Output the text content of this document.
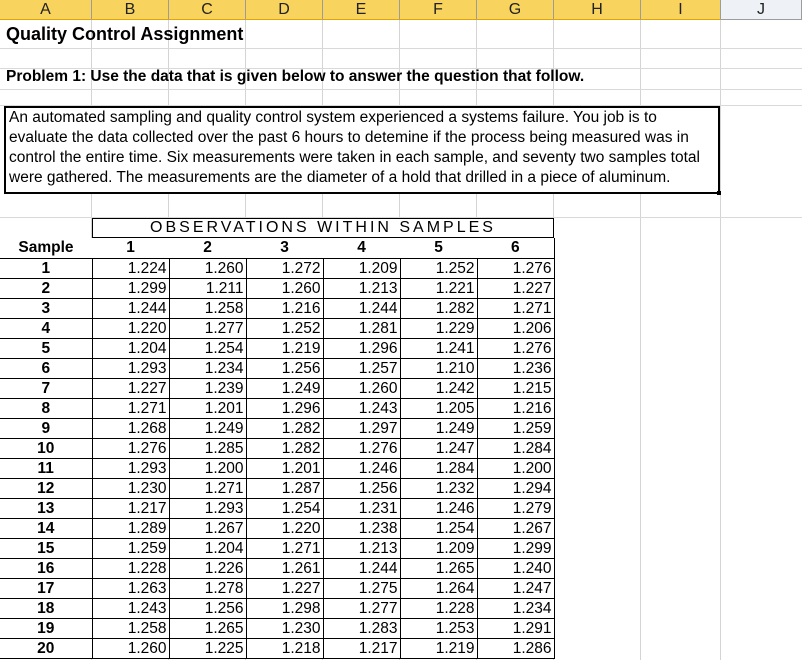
A	B	C	D	E	F	G	H	I	J
Quality Control Assignment
Problem 1: Use the data that is given below to answer the question that follow.
An automated sampling and quality control system experienced a systems failure. You job is to
evaluate the data collected over the past 6 hours to detemine if the process being measured was in
control the entire time. Six measurements were taken in each sample, and seventy two samples total
were gathered. The measurements are the diameter of a hold that drilled in a piece of aluminum.
OBSERVATIONS WITHIN SAMPLES
Sample	1	2	3	4	5	6
1	1.224	1.260	1.272	1.209	1.252	1.276
2	1.299	1.211	1.260	1.213	1.221	1.227
3	1.244	1.258	1.216	1.244	1.282	1.271
4	1.220	1.277	1.252	1.281	1.229	1.206
5	1.204	1.254	1.219	1.296	1.241	1.276
6	1.293	1.234	1.256	1.257	1.210	1.236
7	1.227	1.239	1.249	1.260	1.242	1.215
8	1.271	1.201	1.296	1.243	1.205	1.216
9	1.268	1.249	1.282	1.297	1.249	1.259
10	1.276	1.285	1.282	1.276	1.247	1.284
11	1.293	1.200	1.201	1.246	1.284	1.200
12	1.230	1.271	1.287	1.256	1.232	1.294
13	1.217	1.293	1.254	1.231	1.246	1.279
14	1.289	1.267	1.220	1.238	1.254	1.267
15	1.259	1.204	1.271	1.213	1.209	1.299
16	1.228	1.226	1.261	1.244	1.265	1.240
17	1.263	1.278	1.227	1.275	1.264	1.247
18	1.243	1.256	1.298	1.277	1.228	1.234
19	1.258	1.265	1.230	1.283	1.253	1.291
20	1.260	1.225	1.218	1.217	1.219	1.286
